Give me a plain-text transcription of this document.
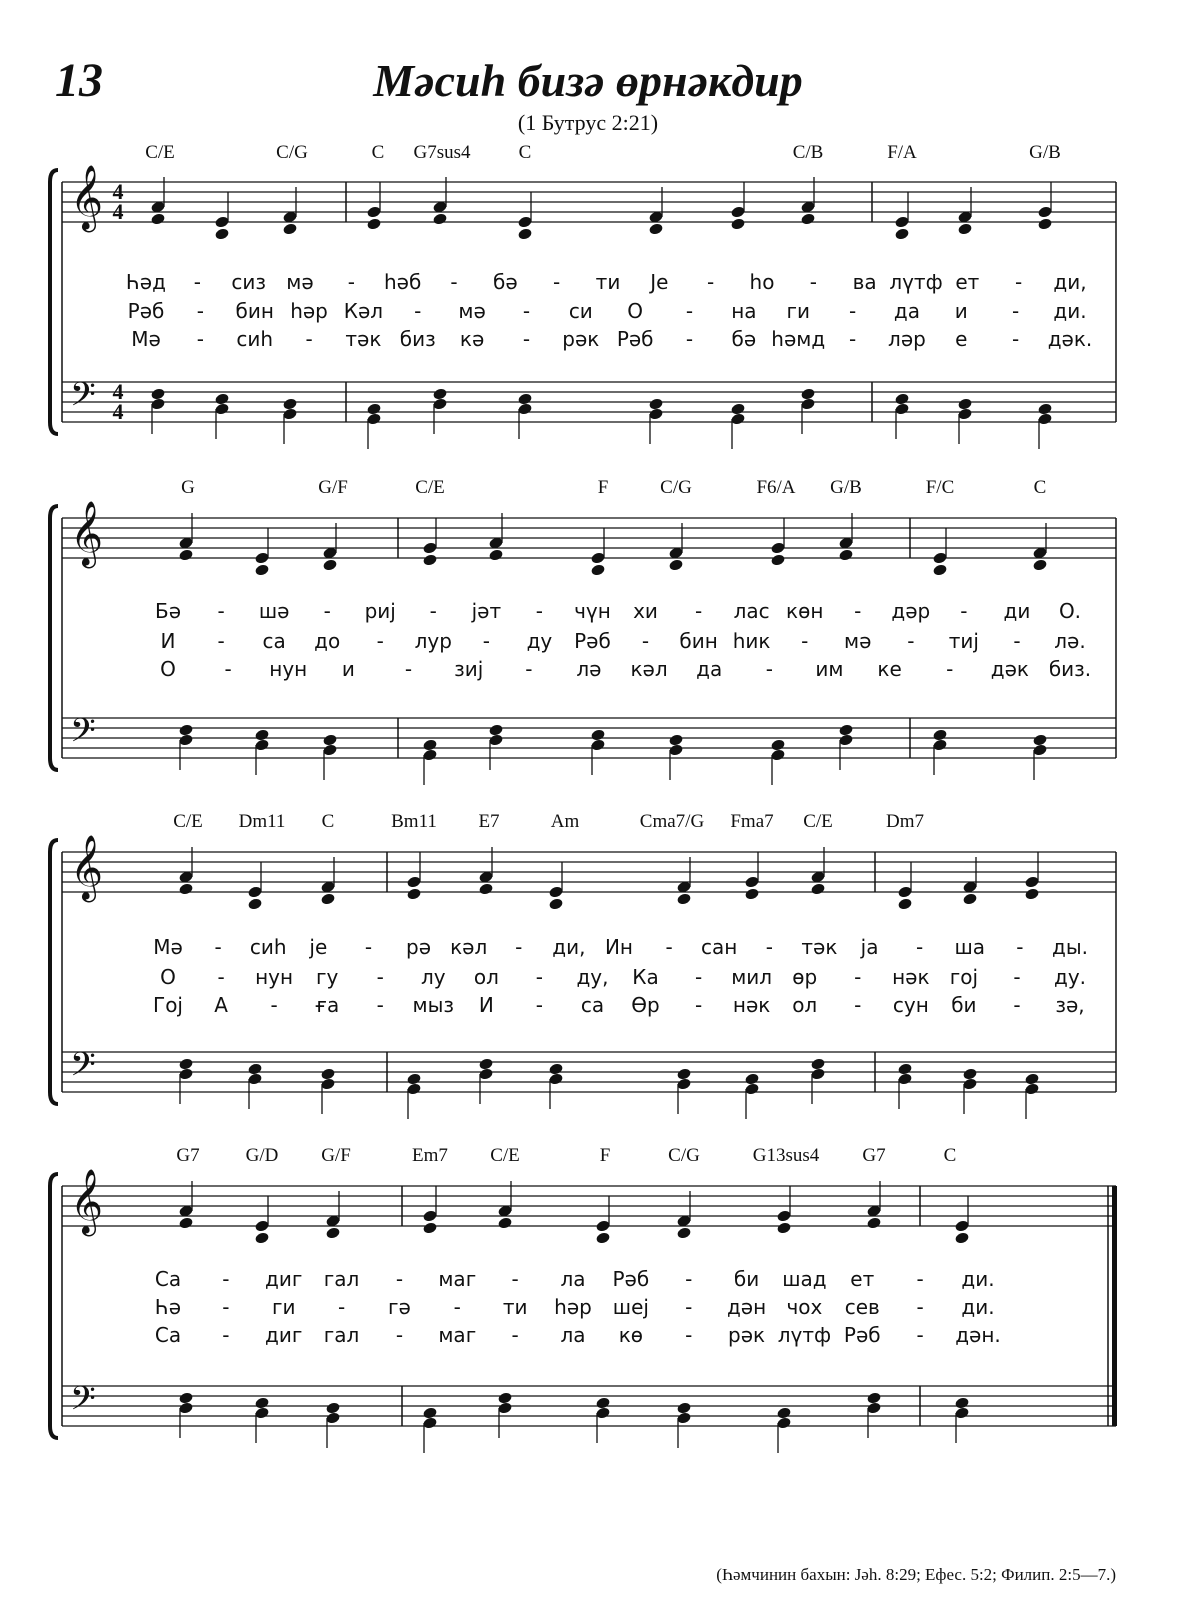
13	Мәсиһ бизә өрнәкдир
(1 Бутрус 2:21)
C/E	C/G	C G7sus4	C	C/B	F/A	G/B
𝄞
𝄢
4
4
4
4
Һәд - сиз мә - һәб - бә - ти Је - һо - ва лүтф ет - ди,
Рәб - бин һәр Кәл - мә - си О - на ги - да и - ди.
Мә - сиһ - тәк биз кә - рәк Рәб - бә һәмд - ләр е - дәк.
G	G/F	C/E	F	C/G	F6/A G/B	F/C	C
𝄞
𝄢
Бә - шә - риј - јәт - чүн хи - лас көн - дәр - ди О.
И - са до - лур - ду Рәб - бин һик - мә - тиј - лә.
О - нун и	- зиј - лә кәл да - им ке - дәк биз.
C/E Dm11 C	Bm11 E7	Am	Cma7/G Fma7 C/E	Dm7
𝄞
𝄢
Мә - сиһ је - рә кәл - ди, Ин - сан - тәк ја - ша - ды.
О - нун гу - лу ол - ду, Ка - мил өр - нәк гој - ду.
Гој А - ға - мыз И - са Өр - нәк ол - сун би - зә,
G7 G/D G/F	Em7 C/E	F	C/G	G13sus4 G7	C
𝄞
𝄢
Са - диг гал - маг - ла Рәб - би шад ет - ди.
Һә - ги - гә - ти һәр шеј - дән чох сев - ди.
Са - диг гал - маг - ла кө - рәк лүтф Рәб - дән.
(Һәмчинин бахын: Јәһ. 8:29; Ефес. 5:2; Филип. 2:5—7.)
